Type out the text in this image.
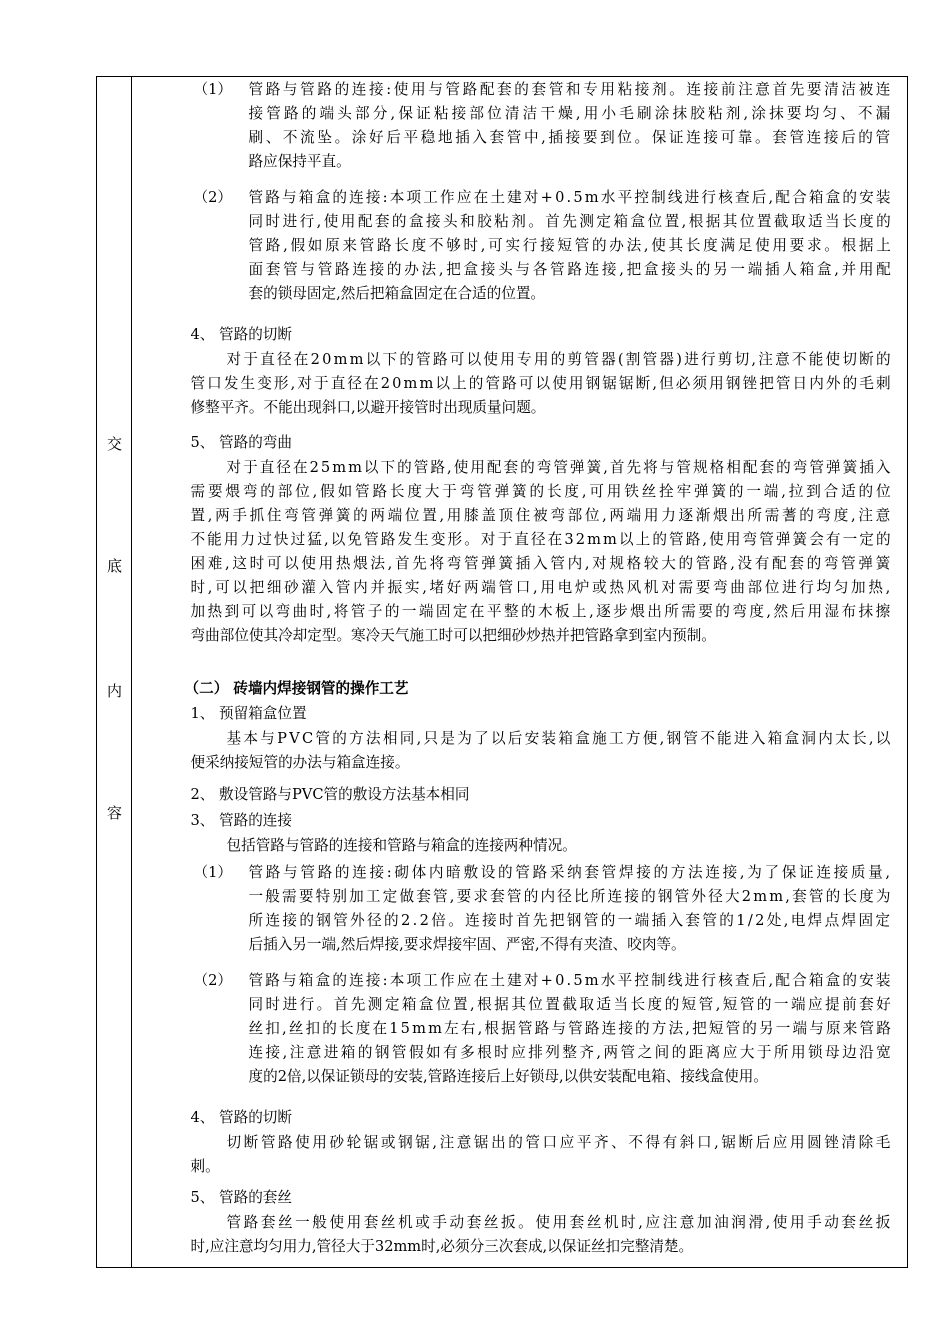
交
底
内
容
（1） 管路与管路的连接:使用与管路配套的套管和专用粘接剂。连接前注意首先要清洁被连
接管路的端头部分,保证粘接部位清洁干燥,用小毛刷涂抹胶粘剂,涂抹要均匀、不漏
刷、不流坠。涂好后平稳地插入套管中,插接要到位。保证连接可靠。套管连接后的管
路应保持平直。
（2） 管路与箱盒的连接:本项工作应在土建对+0.5m水平控制线进行核查后,配合箱盒的安装
同时进行,使用配套的盒接头和胶粘剂。首先测定箱盒位置,根据其位置截取适当长度的
管路,假如原来管路长度不够时,可实行接短管的办法,使其长度满足使用要求。根据上
面套管与管路连接的办法,把盒接头与各管路连接,把盒接头的另一端插人箱盒,并用配
套的锁母固定,然后把箱盒固定在合适的位置。
4、 管路的切断
对于直径在20mm以下的管路可以使用专用的剪管器(割管器)进行剪切,注意不能使切断的
管口发生变形,对于直径在20mm以上的管路可以使用钢锯锯断,但必须用钢锉把管日内外的毛刺
修整平齐。不能出现斜口,以避开接管时出现质量问题。
5、 管路的弯曲
对于直径在25mm以下的管路,使用配套的弯管弹簧,首先将与管规格相配套的弯管弹簧插入
需要煨弯的部位,假如管路长度大于弯管弹簧的长度,可用铁丝拴牢弹簧的一端,拉到合适的位
置,两手抓住弯管弹簧的两端位置,用膝盖顶住被弯部位,两端用力逐渐煨出所需蓍的弯度,注意
不能用力过快过猛,以免管路发生变形。对于直径在32mm以上的管路,使用弯管弹簧会有一定的
困难,这时可以使用热煨法,首先将弯管弹簧插入管内,对规格较大的管路,没有配套的弯管弹簧
时,可以把细砂灌入管内并振实,堵好两端管口,用电炉或热风机对需要弯曲部位进行均匀加热,
加热到可以弯曲时,将管子的一端固定在平整的木板上,逐步煨出所需要的弯度,然后用湿布抹擦
弯曲部位使其冷却定型。寒冷天气施工时可以把细砂炒热并把管路拿到室内预制。
（二） 砖墙内焊接钢管的操作工艺
1、 预留箱盒位置
基本与PVC管的方法相同,只是为了以后安装箱盒施工方便,钢管不能进入箱盒洞内太长,以
便采纳接短管的办法与箱盒连接。
2、 敷设管路与PVC管的敷设方法基本相同
3、 管路的连接
包括管路与管路的连接和管路与箱盒的连接两种情况。
（1） 管路与管路的连接:砌体内暗敷设的管路采纳套管焊接的方法连接,为了保证连接质量,
一般需要特别加工定做套管,要求套管的内径比所连接的钢管外径大2mm,套管的长度为
所连接的钢管外径的2.2倍。连接时首先把钢管的一端插入套管的1/2处,电焊点焊固定
后插入另一端,然后焊接,要求焊接牢固、严密,不得有夹渣、咬肉等。
（2） 管路与箱盒的连接:本项工作应在土建对+0.5m水平控制线进行核查后,配合箱盒的安装
同时进行。首先测定箱盒位置,根据其位置截取适当长度的短管,短管的一端应提前套好
丝扣,丝扣的长度在15mm左右,根据管路与管路连接的方法,把短管的另一端与原来管路
连接,注意进箱的钢管假如有多根时应排列整齐,两管之间的距离应大于所用锁母边沿宽
度的2倍,以保证锁母的安装,管路连接后上好锁母,以供安装配电箱、接线盒使用。
4、 管路的切断
切断管路使用砂轮锯或钢锯,注意锯出的管口应平齐、不得有斜口,锯断后应用圆锉清除毛
刺。
5、 管路的套丝
管路套丝一般使用套丝机或手动套丝扳。使用套丝机时,应注意加油润滑,使用手动套丝扳
时,应注意均匀用力,管径大于32mm时,必须分三次套成,以保证丝扣完整清楚。
